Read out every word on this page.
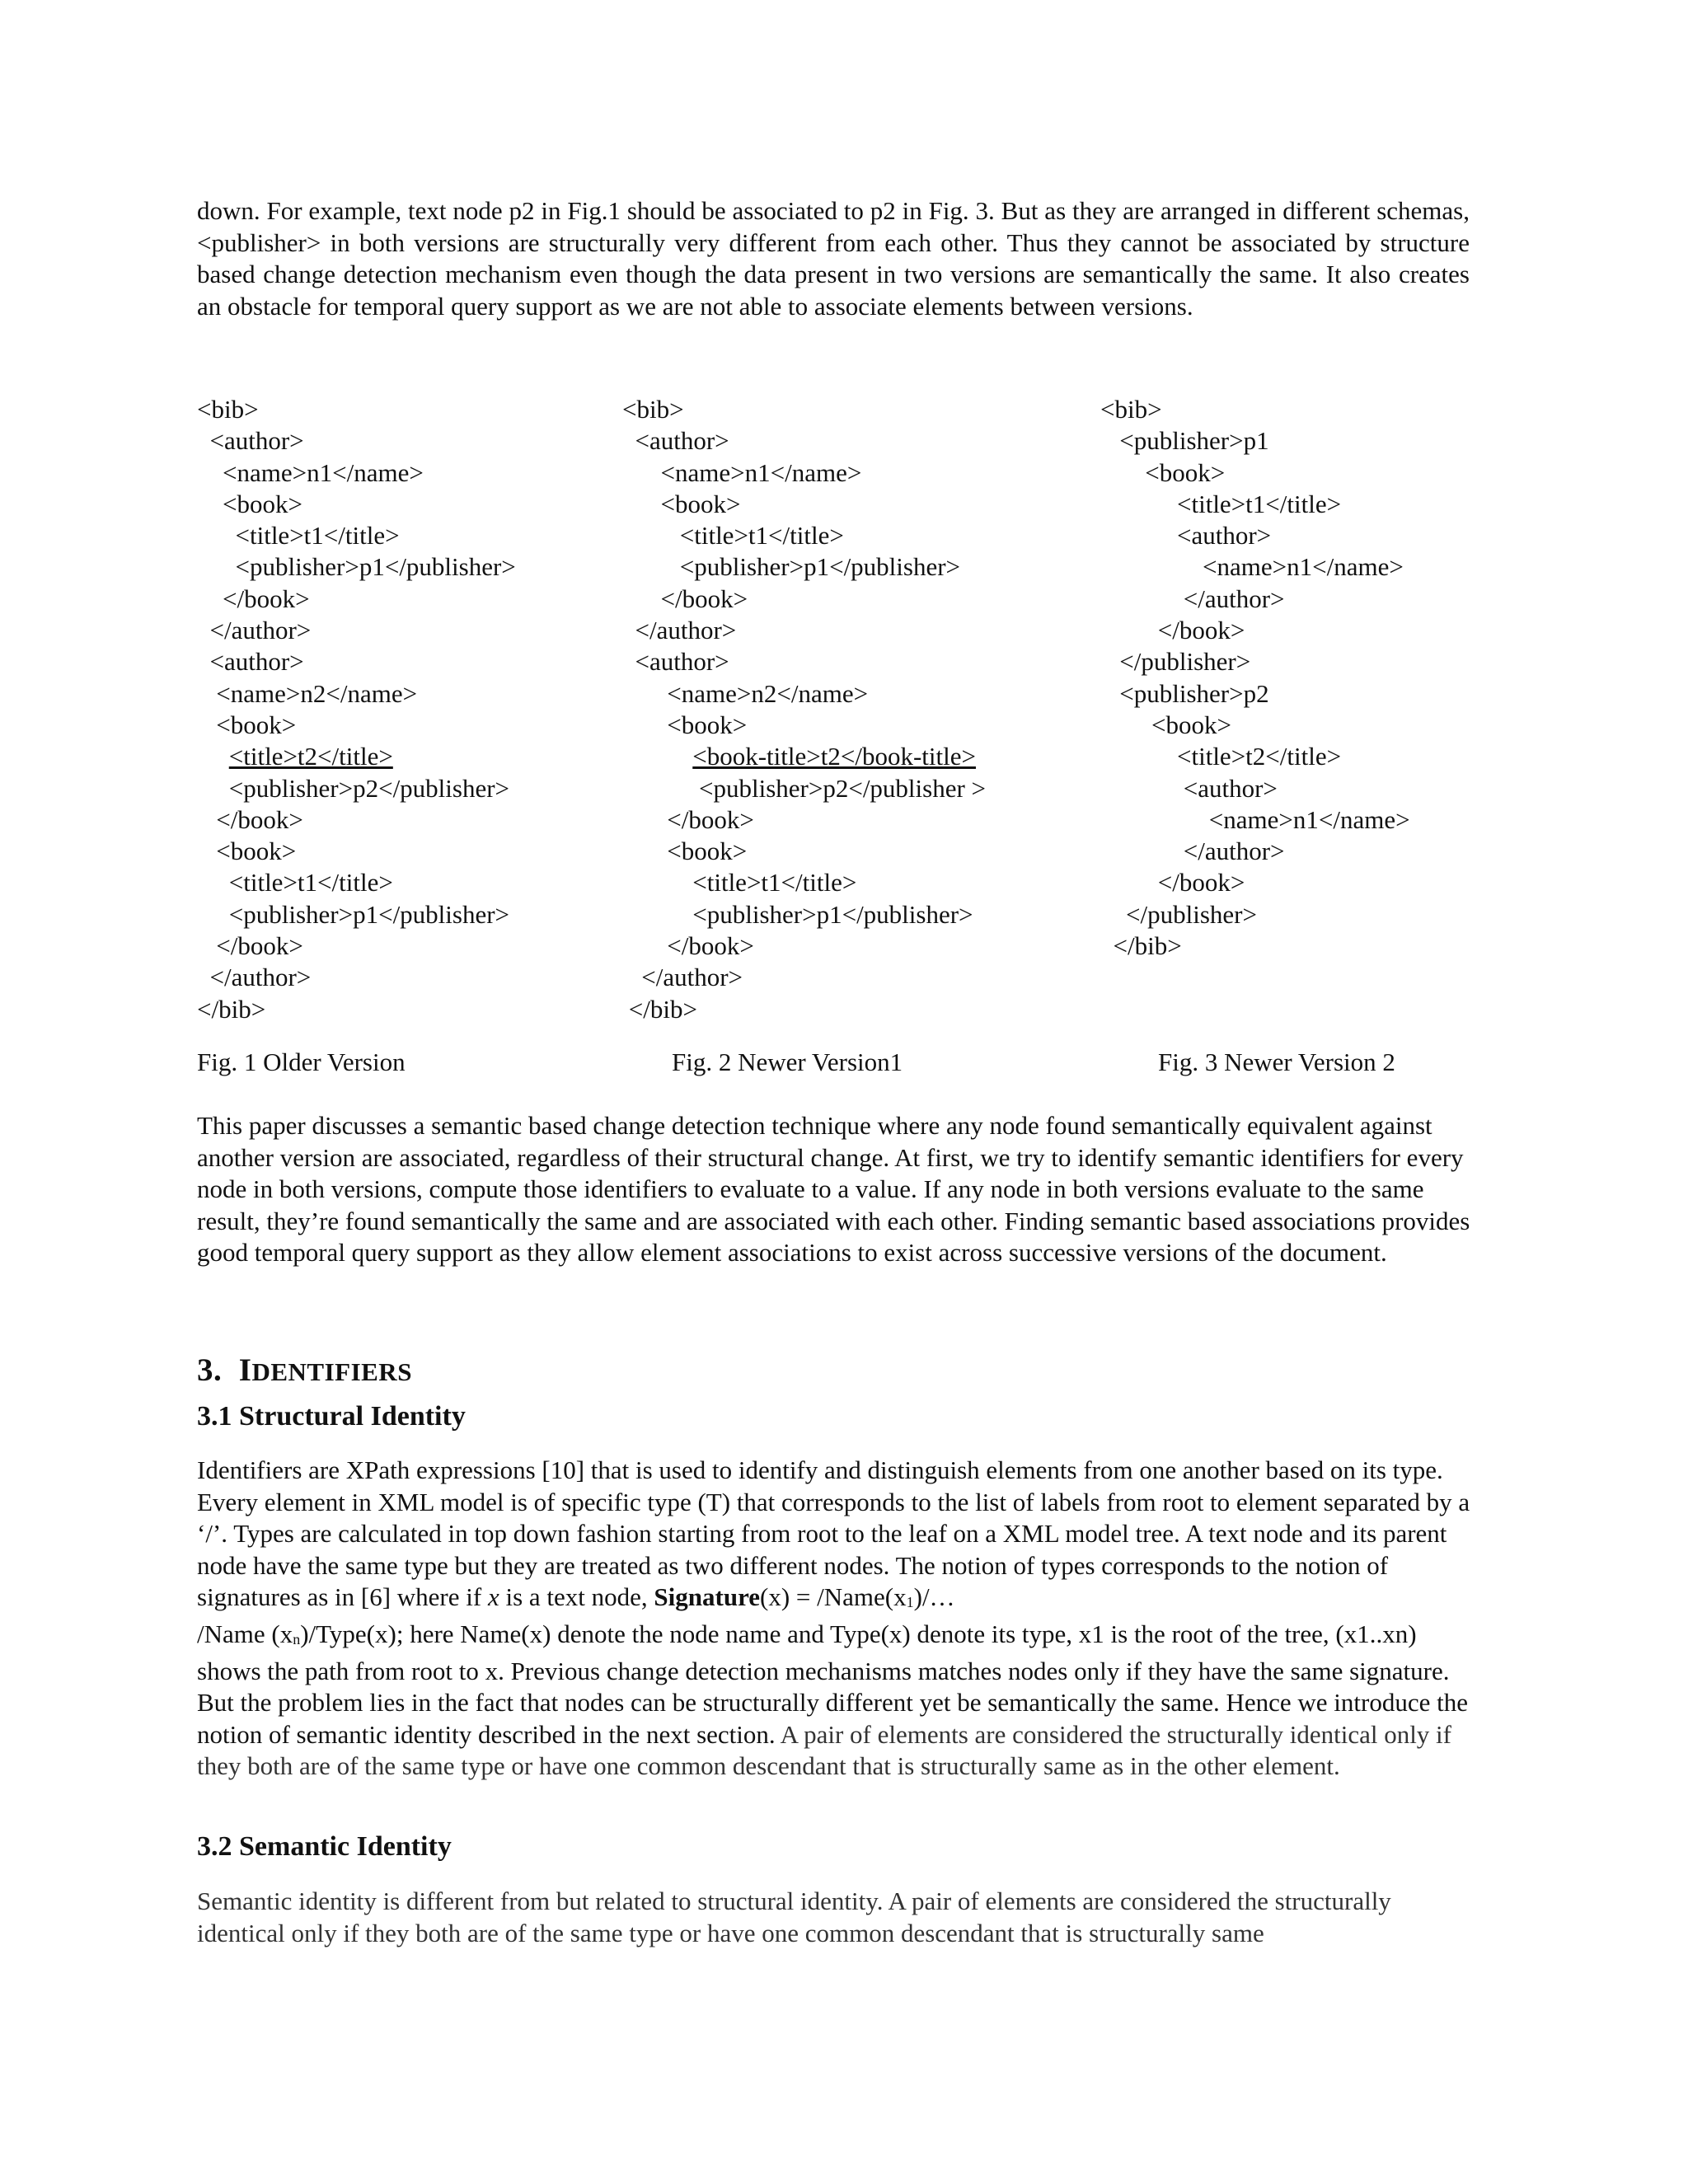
down. For example, text node p2 in Fig.1 should be associated to p2 in Fig. 3. But as they are arranged in different schemas, <publisher> in both versions are structurally very different from each other. Thus they cannot be associated by structure based change detection mechanism even though the data present in two versions are semantically the same. It also creates an obstacle for temporal query support as we are not able to associate elements between versions.

<bib>
<author>
<name>n1</name>
<book>
<title>t1</title>
<publisher>p1</publisher>
</book>
</author>
<author>
<name>n2</name>
<book>
<title>t2</title>
<publisher>p2</publisher>
</book>
<book>
<title>t1</title>
<publisher>p1</publisher>
</book>
</author>
</bib>
<bib>
<author>
<name>n1</name>
<book>
<title>t1</title>
<publisher>p1</publisher>
</book>
</author>
<author>
<name>n2</name>
<book>
<book-title>t2</book-title>
<publisher>p2</publisher >
</book>
<book>
<title>t1</title>
<publisher>p1</publisher>
</book>
</author>
</bib>
<bib>
<publisher>p1
<book>
<title>t1</title>
<author>
<name>n1</name>
</author>
</book>
</publisher>
<publisher>p2
<book>
<title>t2</title>
<author>
<name>n1</name>
</author>
</book>
</publisher>
</bib>

Fig. 1 Older Version	Fig. 2 Newer Version1	Fig. 3 Newer Version 2

This paper discusses a semantic based change detection technique where any node found semantically equivalent against another version are associated, regardless of their structural change. At first, we try to identify semantic identifiers for every node in both versions, compute those identifiers to evaluate to a value. If any node in both versions evaluate to the same result, they’re found semantically the same and are associated with each other. Finding semantic based associations provides good temporal query support as they allow element associations to exist across successive versions of the document.

3. IDENTIFIERS
3.1 Structural Identity

Identifiers are XPath expressions [10] that is used to identify and distinguish elements from one another based on its type. Every element in XML model is of specific type (T) that corresponds to the list of labels from root to element separated by a ‘/’. Types are calculated in top down fashion starting from root to the leaf on a XML model tree. A text node and its parent node have the same type but they are treated as two different nodes. The notion of types corresponds to the notion of signatures as in [6] where if x is a text node, Signature(x) = $/Name(x_1)/\dots$
/Name $(x_n)/Type(x)$; here Name(x) denote the node name and Type(x) denote its type, x1 is the root of the tree, (x1..xn) shows the path from root to x. Previous change detection mechanisms matches nodes only if they have the same signature. But the problem lies in the fact that nodes can be structurally different yet be semantically the same. Hence we introduce the notion of semantic identity described in the next section. A pair of elements are considered the structurally identical only if they both are of the same type or have one common descendant that is structurally same as in the other element.

3.2 Semantic Identity

Semantic identity is different from but related to structural identity. A pair of elements are considered the structurally identical only if they both are of the same type or have one common descendant that is structurally same
